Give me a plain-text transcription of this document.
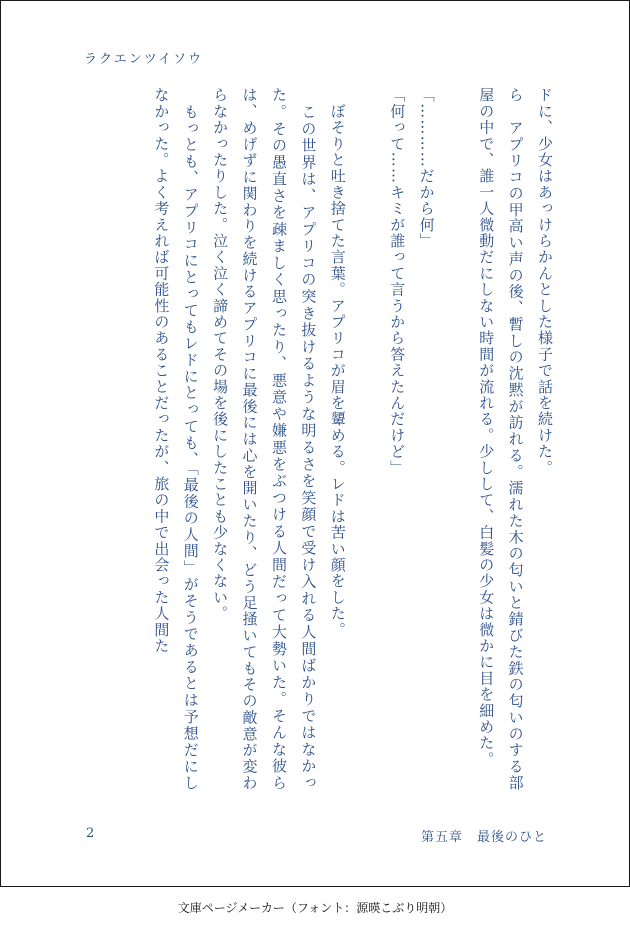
ラクエンツイソウ

ドに、少女はあっけらかんとした様子で話を続けた。

ら　アプリコの甲高い声の後、暫しの沈黙が訪れる。濡れた木の匂いと錆びた鉄の匂いのする部屋の中で、誰一人微動だにしない時間が流れる。少しして、白髪の少女は微かに目を細めた。

「…………だから何」

「何って……キミが誰って言うから答えたんだけど」

　ぼそりと吐き捨てた言葉。アプリコが眉を顰める。レドは苦い顔をした。

　この世界は、アプリコの突き抜けるような明るさを笑顔で受け入れる人間ばかりではなかった。その愚直さを疎ましく思ったり、悪意や嫌悪をぶつける人間だって大勢いた。そんな彼らは、めげずに関わりを続けるアプリコに最後には心を開いたり、どう足掻いてもその敵意が変わらなかったりした。泣く泣く諦めてその場を後にしたことも少なくない。

　もっとも、アプリコにとってもレドにとっても、「最後の人間」がそうであるとは予想だにしなかった。よく考えれば可能性のあることだったが、旅の中で出会った人間た

2	第五章　最後のひと
文庫ページメーカー（フォント：源暎こぶり明朝）
